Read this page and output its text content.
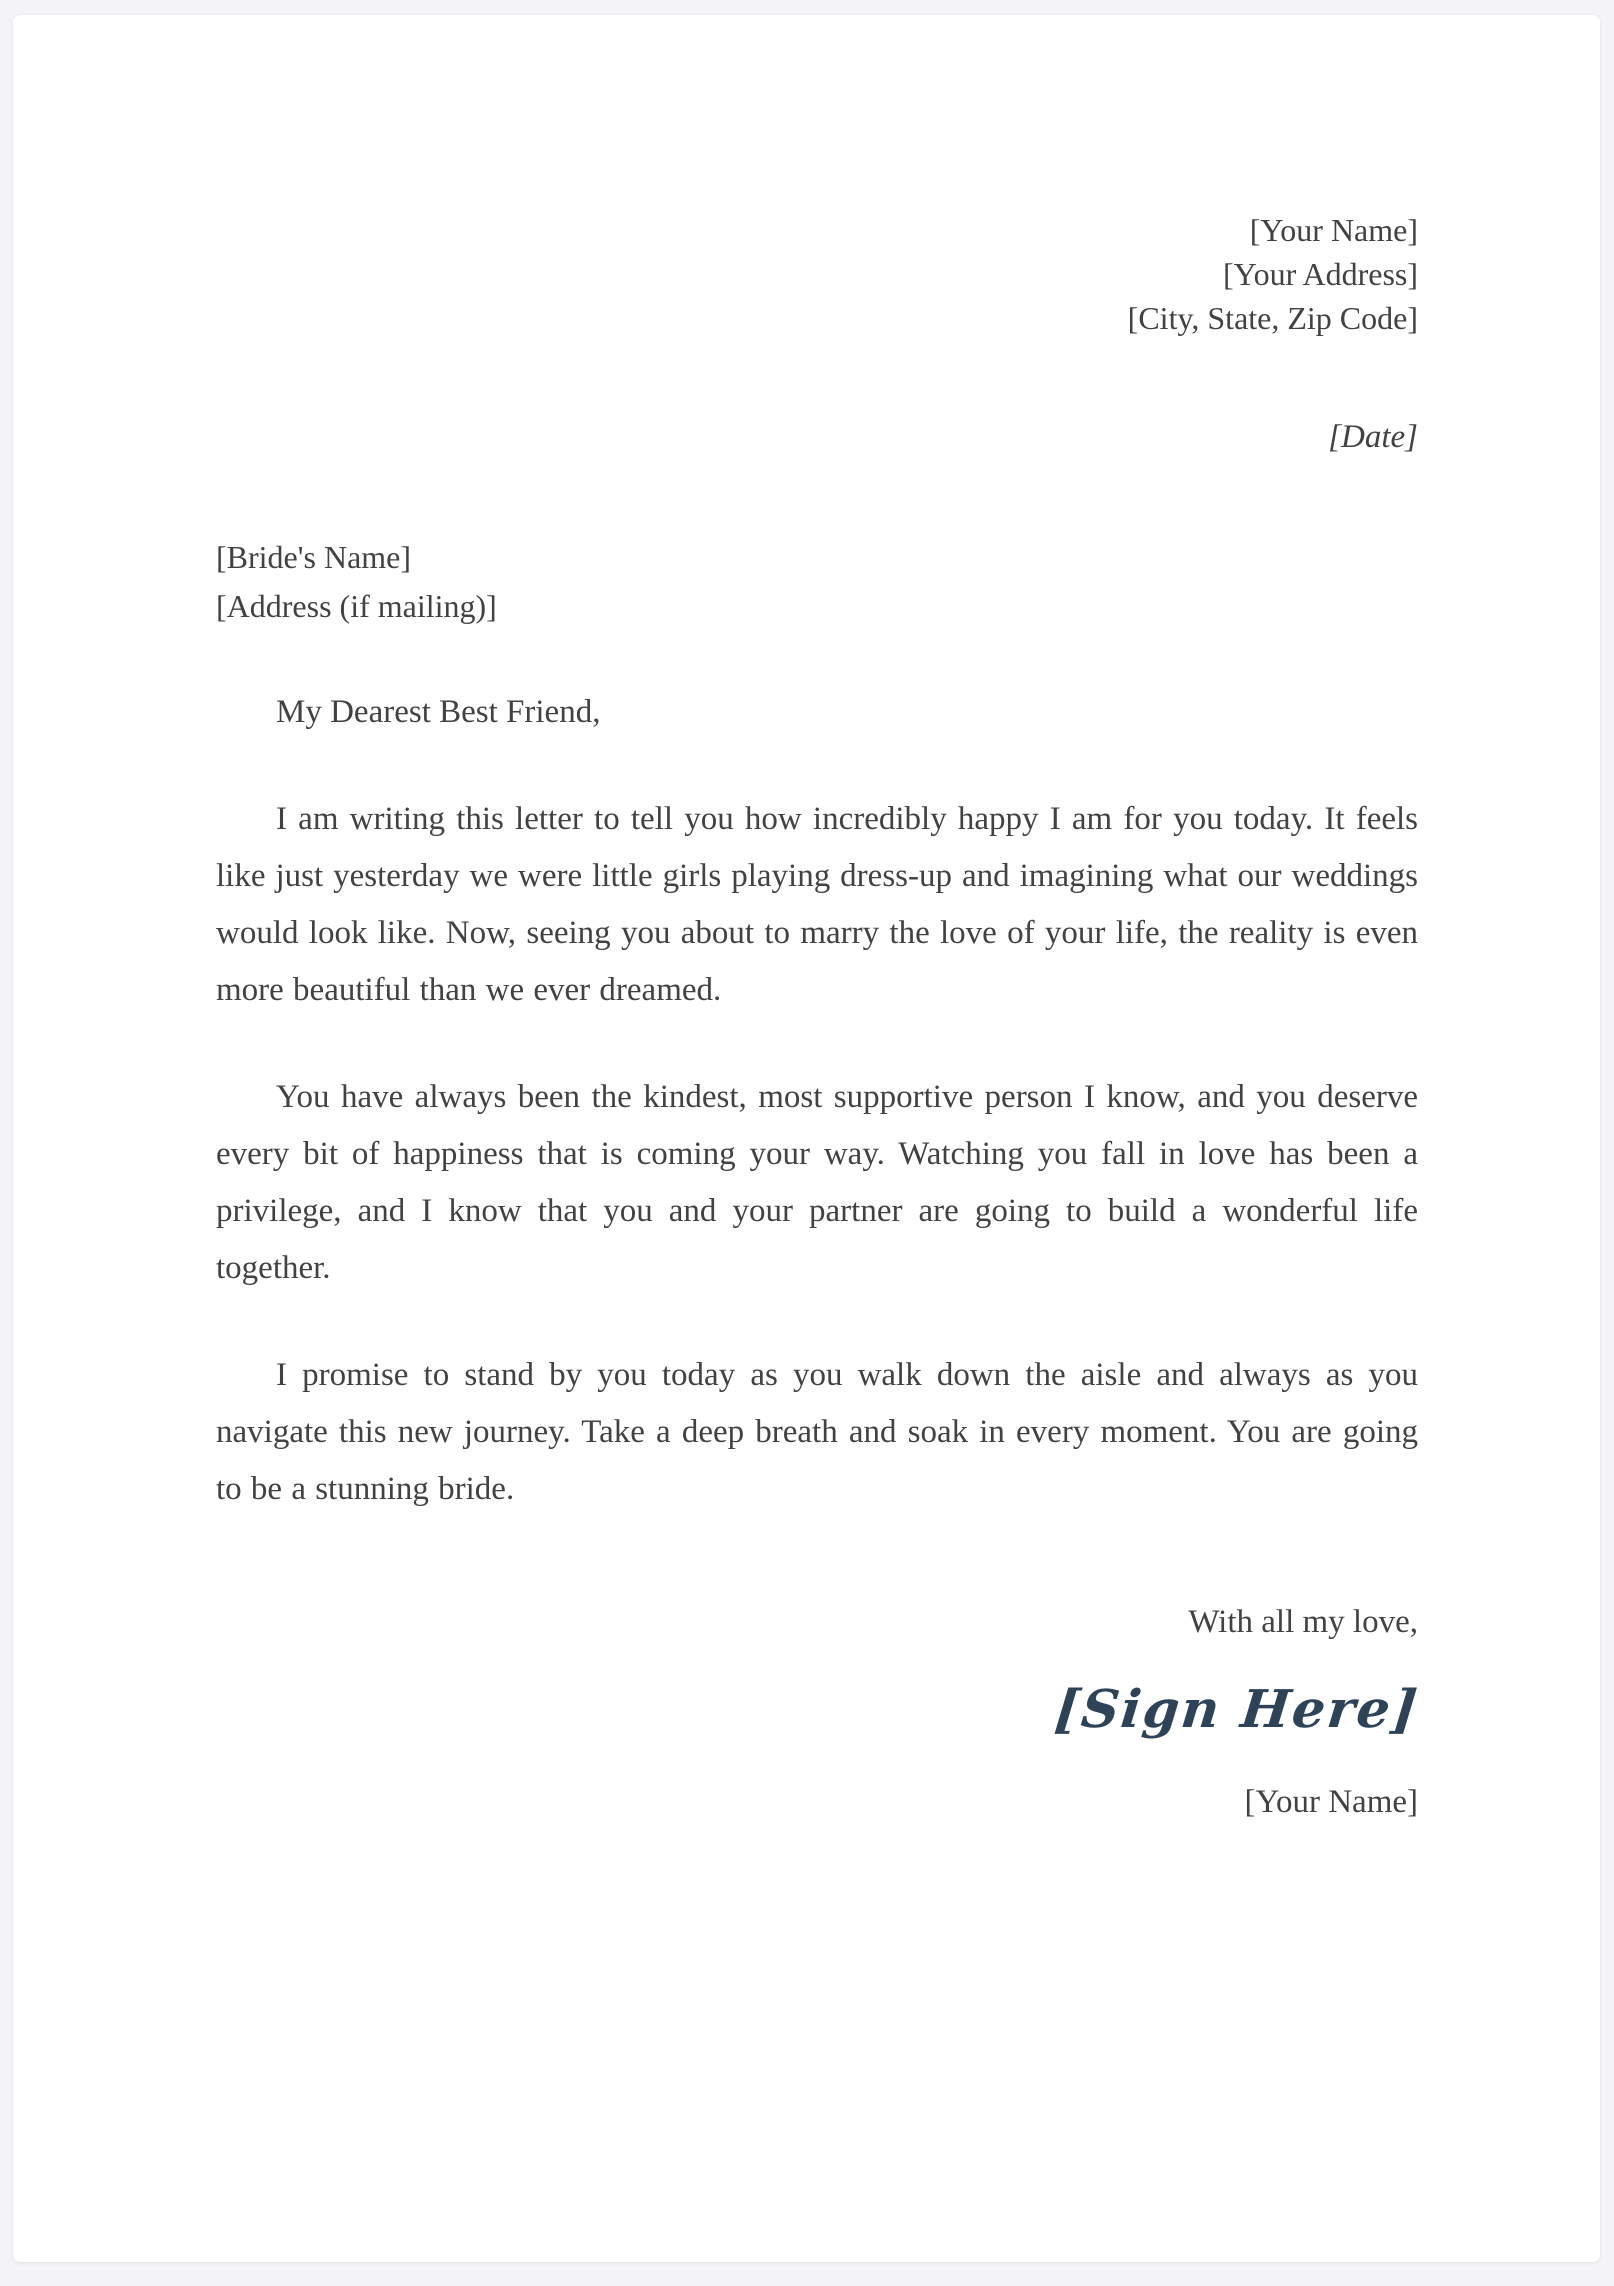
[Your Name]
[Your Address]
[City, State, Zip Code]
[Date]
[Bride's Name]
[Address (if mailing)]
My Dearest Best Friend,

I am writing this letter to tell you how incredibly happy I am for you today. It feels like just yesterday we were little girls playing dress-up and imagining what our weddings would look like. Now, seeing you about to marry the love of your life, the reality is even more beautiful than we ever dreamed.

You have always been the kindest, most supportive person I know, and you deserve every bit of happiness that is coming your way. Watching you fall in love has been a privilege, and I know that you and your partner are going to build a wonderful life together.

I promise to stand by you today as you walk down the aisle and always as you navigate this new journey. Take a deep breath and soak in every moment. You are going to be a stunning bride.

With all my love,
[Sign Here]
[Your Name]
